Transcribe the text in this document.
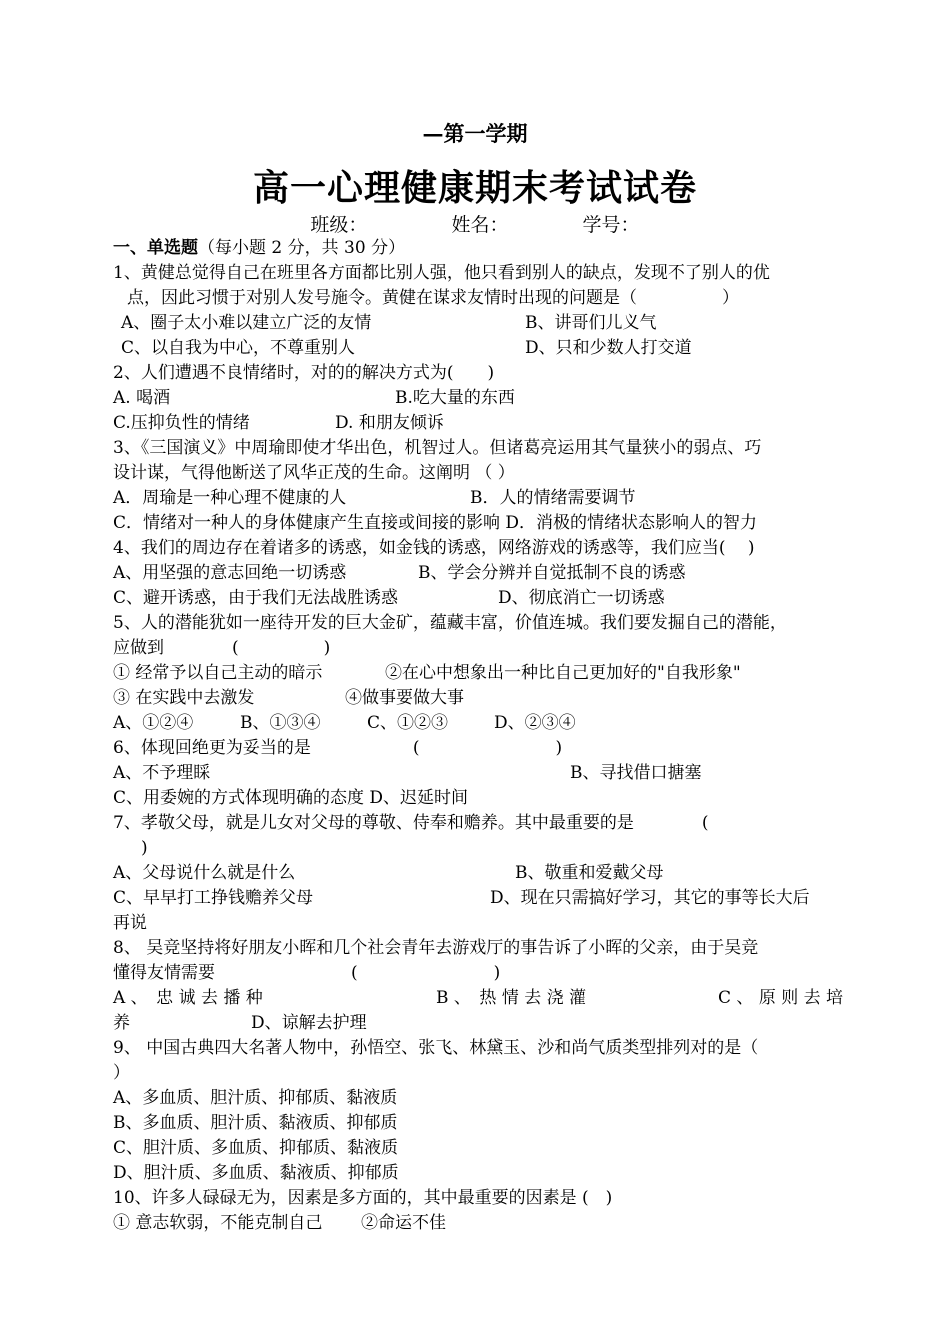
—第一学期
高一心理健康期末考试试卷
班级：	姓名：	学号：
一、单选题（每小题 2 分，共 30 分）
1、黄健总觉得自己在班里各方面都比别人强，他只看到别人的缺点，发现不了别人的优
点，因此习惯于对别人发号施令。黄健在谋求友情时出现的问题是（　　　　　）
A、圈子太小难以建立广泛的友情	B、讲哥们儿义气
C、以自我为中心，不尊重别人	D、只和少数人打交道
2、人们遭遇不良情绪时，对的的解决方式为(　　)
A. 喝酒	B.吃大量的东西
C.压抑负性的情绪	D. 和朋友倾诉
3、《三国演义》中周瑜即使才华出色，机智过人。但诸葛亮运用其气量狭小的弱点、巧
设计谋，气得他断送了风华正茂的生命。这阐明 （ ）
A．周瑜是一种心理不健康的人	B．人的情绪需要调节
C．情绪对一种人的身体健康产生直接或间接的影响 D．消极的情绪状态影响人的智力
4、我们的周边存在着诸多的诱惑，如金钱的诱惑，网络游戏的诱惑等，我们应当(　 )
A、用坚强的意志回绝一切诱惑	B、学会分辨并自觉抵制不良的诱惑
C、避开诱惑，由于我们无法战胜诱惑	D、彻底消亡一切诱惑
5、人的潜能犹如一座待开发的巨大金矿，蕴藏丰富，价值连城。我们要发掘自己的潜能，
应做到　　　　(　　　　　)
① 经常予以自己主动的暗示	②在心中想象出一种比自己更加好的"自我形象"
③ 在实践中去激发	④做事要做大事
A、①②④	B、①③④	C、①②③	D、②③④
6、体现回绝更为妥当的是　　　　　　(　　　　　　　　)
A、不予理睬	B、寻找借口搪塞
C、用委婉的方式体现明确的态度 D、迟延时间
7、孝敬父母，就是儿女对父母的尊敬、侍奉和赡养。其中最重要的是　　　　(
)
A、父母说什么就是什么	B、敬重和爱戴父母
C、早早打工挣钱赡养父母	D、现在只需搞好学习，其它的事等长大后
再说
8、 吴竞坚持将好朋友小晖和几个社会青年去游戏厅的事告诉了小晖的父亲，由于吴竞
懂得友情需要　　　　　　　　(　　　　　　　　)
A 、　忠 诚 去 播 种	B 、　热 情 去 浇 灌	C 、 原 则 去 培
养	D、谅解去护理
9、 中国古典四大名著人物中，孙悟空、张飞、林黛玉、沙和尚气质类型排列对的是（
）
A、多血质、胆汁质、抑郁质、黏液质
B、多血质、胆汁质、黏液质、抑郁质
C、胆汁质、多血质、抑郁质、黏液质
D、胆汁质、多血质、黏液质、抑郁质
10、许多人碌碌无为，因素是多方面的，其中最重要的因素是 (　)
① 意志软弱，不能克制自己 ②命运不佳
